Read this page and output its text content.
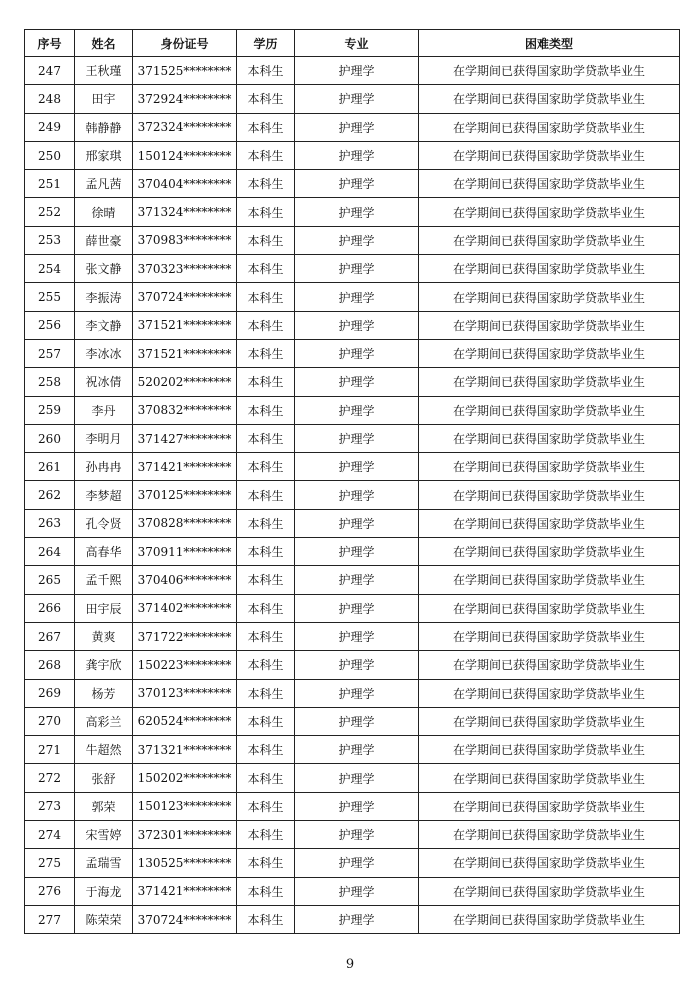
序号	姓名	身份证号	学历	专业	困难类型
247	王秋瑾	371525********	本科生	护理学	在学期间已获得国家助学贷款毕业生
248	田宇	372924********	本科生	护理学	在学期间已获得国家助学贷款毕业生
249	韩静静	372324********	本科生	护理学	在学期间已获得国家助学贷款毕业生
250	邢家琪	150124********	本科生	护理学	在学期间已获得国家助学贷款毕业生
251	孟凡茜	370404********	本科生	护理学	在学期间已获得国家助学贷款毕业生
252	徐晴	371324********	本科生	护理学	在学期间已获得国家助学贷款毕业生
253	薛世豪	370983********	本科生	护理学	在学期间已获得国家助学贷款毕业生
254	张文静	370323********	本科生	护理学	在学期间已获得国家助学贷款毕业生
255	李振涛	370724********	本科生	护理学	在学期间已获得国家助学贷款毕业生
256	李文静	371521********	本科生	护理学	在学期间已获得国家助学贷款毕业生
257	李冰冰	371521********	本科生	护理学	在学期间已获得国家助学贷款毕业生
258	祝冰倩	520202********	本科生	护理学	在学期间已获得国家助学贷款毕业生
259	李丹	370832********	本科生	护理学	在学期间已获得国家助学贷款毕业生
260	李明月	371427********	本科生	护理学	在学期间已获得国家助学贷款毕业生
261	孙冉冉	371421********	本科生	护理学	在学期间已获得国家助学贷款毕业生
262	李梦超	370125********	本科生	护理学	在学期间已获得国家助学贷款毕业生
263	孔令贤	370828********	本科生	护理学	在学期间已获得国家助学贷款毕业生
264	高春华	370911********	本科生	护理学	在学期间已获得国家助学贷款毕业生
265	孟千熙	370406********	本科生	护理学	在学期间已获得国家助学贷款毕业生
266	田宇辰	371402********	本科生	护理学	在学期间已获得国家助学贷款毕业生
267	黄爽	371722********	本科生	护理学	在学期间已获得国家助学贷款毕业生
268	龚宇欣	150223********	本科生	护理学	在学期间已获得国家助学贷款毕业生
269	杨芳	370123********	本科生	护理学	在学期间已获得国家助学贷款毕业生
270	高彩兰	620524********	本科生	护理学	在学期间已获得国家助学贷款毕业生
271	牛超然	371321********	本科生	护理学	在学期间已获得国家助学贷款毕业生
272	张舒	150202********	本科生	护理学	在学期间已获得国家助学贷款毕业生
273	郭荣	150123********	本科生	护理学	在学期间已获得国家助学贷款毕业生
274	宋雪婷	372301********	本科生	护理学	在学期间已获得国家助学贷款毕业生
275	孟瑞雪	130525********	本科生	护理学	在学期间已获得国家助学贷款毕业生
276	于海龙	371421********	本科生	护理学	在学期间已获得国家助学贷款毕业生
277	陈荣荣	370724********	本科生	护理学	在学期间已获得国家助学贷款毕业生
9
